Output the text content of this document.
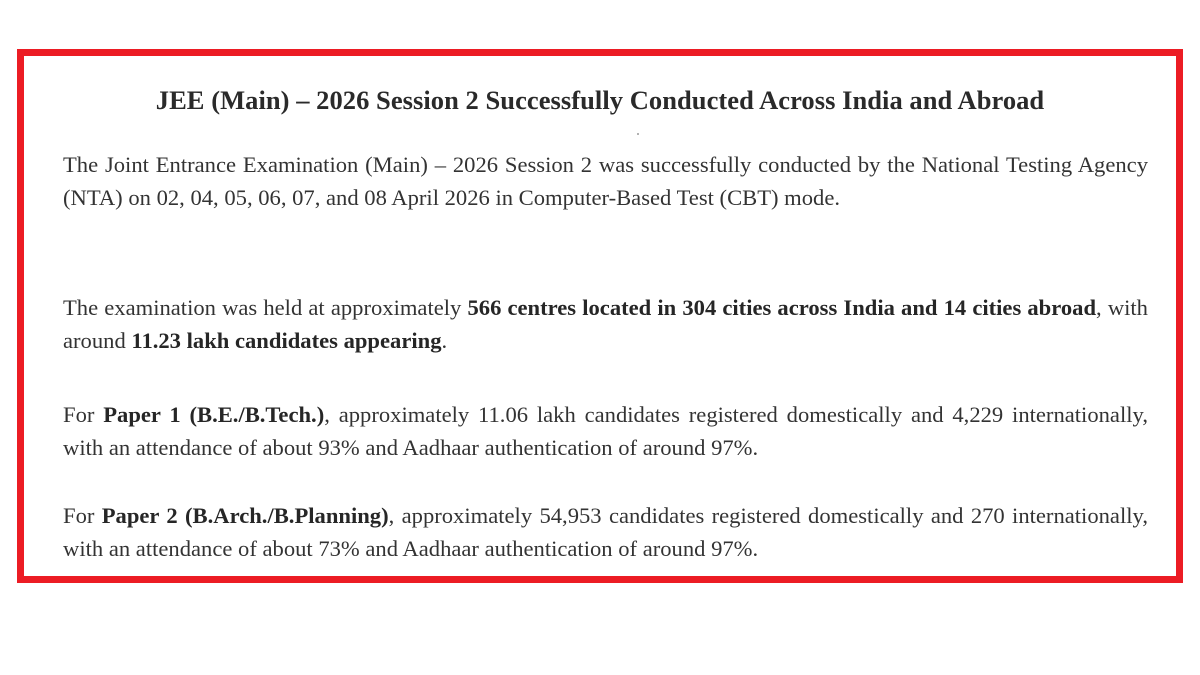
JEE (Main) – 2026 Session 2 Successfully Conducted Across India and Abroad

The Joint Entrance Examination (Main) – 2026 Session 2 was successfully conducted by the National Testing Agency (NTA) on 02, 04, 05, 06, 07, and 08 April 2026 in Computer-Based Test (CBT) mode.

The examination was held at approximately 566 centres located in 304 cities across India and 14 cities abroad, with around 11.23 lakh candidates appearing.

For Paper 1 (B.E./B.Tech.), approximately 11.06 lakh candidates registered domestically and 4,229 internationally, with an attendance of about 93% and Aadhaar authentication of around 97%.

For Paper 2 (B.Arch./B.Planning), approximately 54,953 candidates registered domestically and 270 internationally, with an attendance of about 73% and Aadhaar authentication of around 97%.
